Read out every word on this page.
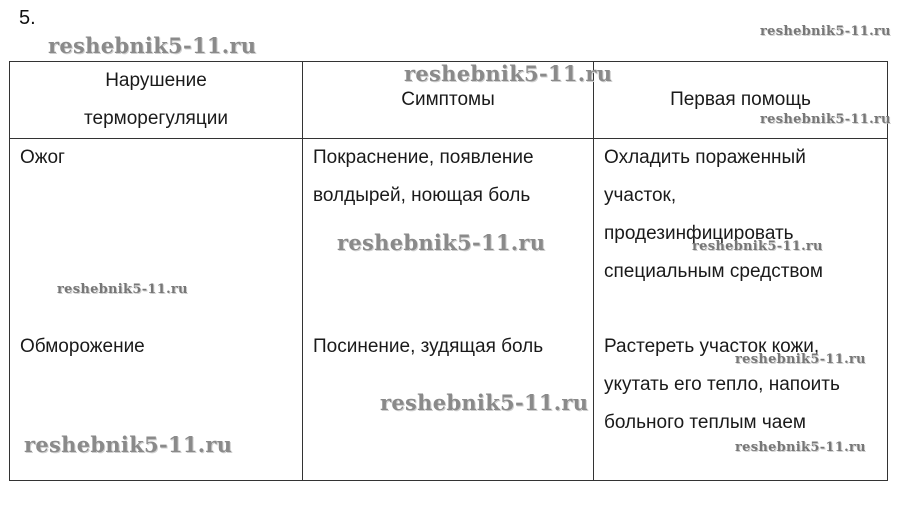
5.
Нарушение терморегуляции	Симптомы	Первая помощь

Ожог	Покраснение, появление волдырей, ноющая боль	Охладить пораженный участок, продезинфицировать специальным средством

Обморожение	Посинение, зудящая боль	Растереть участок кожи, укутать его тепло, напоить больного теплым чаем
reshebnik5-11.ru
reshebnik5-11.ru
reshebnik5-11.ru
reshebnik5-11.ru
reshebnik5-11.ru	reshebnik5-11.ru
reshebnik5-11.ru
reshebnik5-11.ru
reshebnik5-11.ru
reshebnik5-11.ru	reshebnik5-11.ru
